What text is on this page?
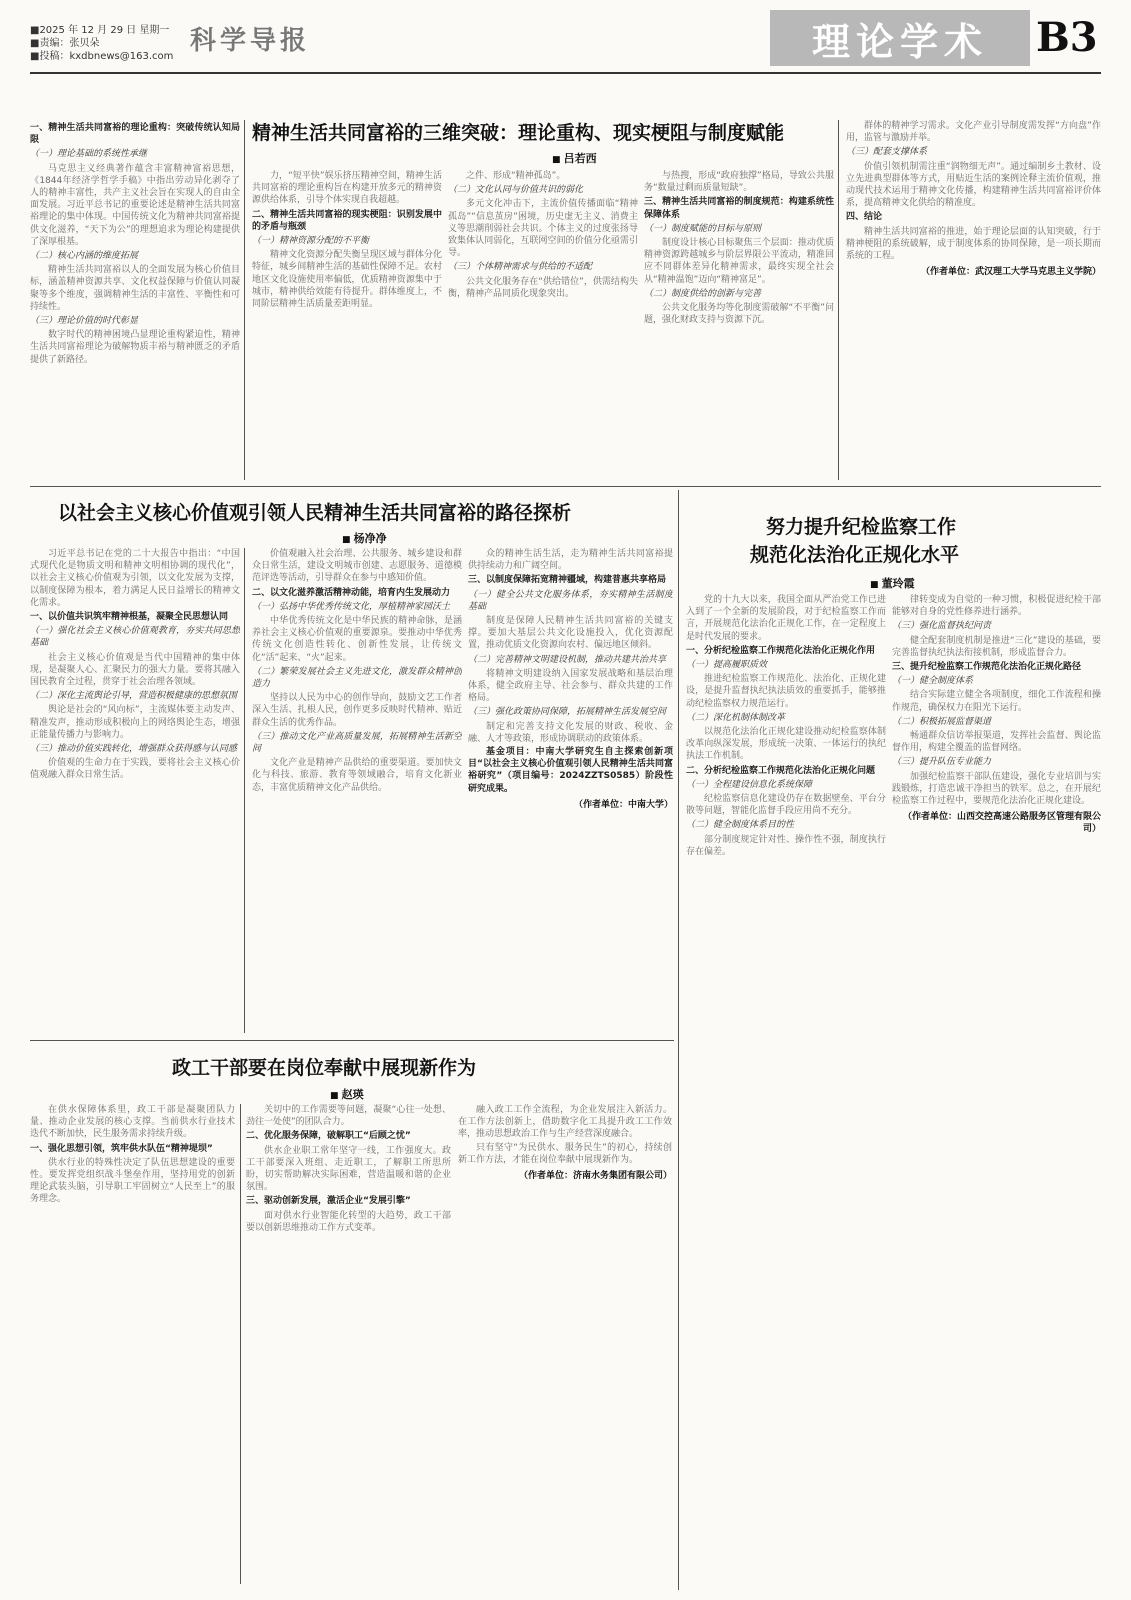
■2025 年 12 月 29 日 星期一
■责编：张贝朵
■投稿：kxdbnews@163.com
科学导报	理论学术 B3
精神生活共同富裕的三维突破：理论重构、现实梗阻与制度赋能
■ 吕若西
一、精神生活共同富裕的理论重构：突破传统认知局限
（一）理论基础的系统性承继

马克思主义经典著作蕴含丰富精神富裕思想，《1844年经济学哲学手稿》中指出劳动异化剥夺了人的精神丰富性，共产主义社会旨在实现人的自由全面发展。习近平总书记的重要论述是精神生活共同富裕理论的集中体现。中国传统文化为精神共同富裕提供文化滋养，“天下为公”的理想追求为理论构建提供了深厚根基。

（二）核心内涵的维度拓展

精神生活共同富裕以人的全面发展为核心价值目标，涵盖精神资源共享、文化权益保障与价值认同凝聚等多个维度，强调精神生活的丰富性、平衡性和可持续性。

（三）理论价值的时代彰显

数字时代的精神困境凸显理论重构紧迫性，精神生活共同富裕理论为破解物质丰裕与精神匮乏的矛盾提供了新路径。

力，“短平快”娱乐挤压精神空间，精神生活共同富裕的理论重构旨在构建开放多元的精神资源供给体系，引导个体实现自我超越。

二、精神生活共同富裕的现实梗阻：识别发展中的矛盾与瓶颈
（一）精神资源分配的不平衡

精神文化资源分配失衡呈现区域与群体分化特征，城乡间精神生活的基础性保障不足。农村地区文化设施使用率偏低，优质精神资源集中于城市，精神供给效能有待提升。群体维度上，不同阶层精神生活质量差距明显。

之件、形成“精神孤岛”。

（二）文化认同与价值共识的弱化

多元文化冲击下，主流价值传播面临“精神孤岛”“信息茧房”困境，历史虚无主义、消费主义等思潮削弱社会共识。个体主义的过度张扬导致集体认同弱化，互联网空间的价值分化亟需引导。

（三）个体精神需求与供给的不适配

公共文化服务存在“供给错位”，供需结构失衡，精神产品同质化现象突出。

与热搜，形成“政府独撑”格局，导致公共服务“数量过剩而质量短缺”。

三、精神生活共同富裕的制度规范：构建系统性保障体系
（一）制度赋能的目标与原则

制度设计核心目标聚焦三个层面：推动优质精神资源跨越城乡与阶层界限公平流动，精准回应不同群体差异化精神需求，最终实现全社会从“精神温饱”迈向“精神富足”。

（二）制度供给的创新与完善

公共文化服务均等化制度需破解“不平衡”问题，强化财政支持与资源下沉。

群体的精神学习需求。文化产业引导制度需发挥“方向盘”作用，监管与激励并举。

（三）配套支撑体系

价值引领机制需注重“润物细无声”。通过编制乡土教材、设立先进典型群体等方式，用贴近生活的案例诠释主流价值观，推动现代技术运用于精神文化传播，构建精神生活共同富裕评价体系，提高精神文化供给的精准度。

四、结论

精神生活共同富裕的推进，始于理论层面的认知突破，行于精神梗阻的系统破解，成于制度体系的协同保障，是一项长期而系统的工程。

（作者单位：武汉理工大学马克思主义学院）
以社会主义核心价值观引领人民精神生活共同富裕的路径探析
■ 杨净净

习近平总书记在党的二十大报告中指出：“中国式现代化是物质文明和精神文明相协调的现代化”，以社会主义核心价值观为引领，以文化发展为支撑，以制度保障为根本，着力满足人民日益增长的精神文化需求。

一、以价值共识筑牢精神根基，凝聚全民思想认同
（一）强化社会主义核心价值观教育，夯实共同思想基础

社会主义核心价值观是当代中国精神的集中体现，是凝聚人心、汇聚民力的强大力量。要将其融入国民教育全过程，贯穿于社会治理各领域。

（二）深化主流舆论引导，营造积极健康的思想氛围

舆论是社会的“风向标”，主流媒体要主动发声、精准发声，推动形成积极向上的网络舆论生态，增强正能量传播力与影响力。

（三）推动价值实践转化，增强群众获得感与认同感

价值观的生命力在于实践，要将社会主义核心价值观融入群众日常生活。

价值观融入社会治理、公共服务、城乡建设和群众日常生活，建设文明城市创建、志愿服务、道德模范评选等活动，引导群众在参与中感知价值。

二、以文化滋养激活精神动能，培育内生发展动力
（一）弘扬中华优秀传统文化，厚植精神家园沃土

中华优秀传统文化是中华民族的精神命脉，是涵养社会主义核心价值观的重要源泉。要推动中华优秀传统文化创造性转化、创新性发展，让传统文化“活”起来、“火”起来。

（二）繁荣发展社会主义先进文化，激发群众精神创造力

坚持以人民为中心的创作导向，鼓励文艺工作者深入生活、扎根人民，创作更多反映时代精神、贴近群众生活的优秀作品。

（三）推动文化产业高质量发展，拓展精神生活新空间

文化产业是精神产品供给的重要渠道。要加快文化与科技、旅游、教育等领域融合，培育文化新业态，丰富优质精神文化产品供给。

众的精神生活生活，走为精神生活共同富裕提供持续动力和广阔空间。

三、以制度保障拓宽精神疆域，构建普惠共享格局
（一）健全公共文化服务体系，夯实精神生活制度基础

制度是保障人民精神生活共同富裕的关键支撑。要加大基层公共文化设施投入，优化资源配置，推动优质文化资源向农村、偏远地区倾斜。

（二）完善精神文明建设机制，推动共建共治共享

将精神文明建设纳入国家发展战略和基层治理体系，健全政府主导、社会参与、群众共建的工作格局。

（三）强化政策协同保障，拓展精神生活发展空间

制定和完善支持文化发展的财政、税收、金融、人才等政策，形成协调联动的政策体系。

基金项目：中南大学研究生自主探索创新项目“以社会主义核心价值观引领人民精神生活共同富裕研究”（项目编号：2024ZZTS0585）阶段性研究成果。

（作者单位：中南大学）
努力提升纪检监察工作
规范化法治化正规化水平
■ 董玲霞

党的十九大以来，我国全面从严治党工作已进入到了一个全新的发展阶段，对于纪检监察工作而言，开展规范化法治化正规化工作，在一定程度上是时代发展的要求。

一、分析纪检监察工作规范化法治化正规化作用
（一）提高履职质效

推进纪检监察工作规范化、法治化、正规化建设，是提升监督执纪执法质效的重要抓手，能够推动纪检监察权力规范运行。

（二）深化机制体制改革

以规范化法治化正规化建设推动纪检监察体制改革向纵深发展，形成统一决策、一体运行的执纪执法工作机制。

二、分析纪检监察工作规范化法治化正规化问题
（一）全程建设信息化系统保障

纪检监察信息化建设仍存在数据壁垒、平台分散等问题，智能化监督手段应用尚不充分。

（二）健全制度体系目的性

部分制度规定针对性、操作性不强，制度执行存在偏差。

律转变成为自觉的一种习惯，积极促进纪检干部能够对自身的党性修养进行涵养。

（三）强化监督执纪问责

健全配套制度机制是推进“三化”建设的基础，要完善监督执纪执法衔接机制，形成监督合力。

三、提升纪检监察工作规范化法治化正规化路径
（一）健全制度体系

结合实际建立健全各项制度，细化工作流程和操作规范，确保权力在阳光下运行。

（二）积极拓展监督渠道

畅通群众信访举报渠道，发挥社会监督、舆论监督作用，构建全覆盖的监督网络。

（三）提升队伍专业能力

加强纪检监察干部队伍建设，强化专业培训与实践锻炼，打造忠诚干净担当的铁军。总之，在开展纪检监察工作过程中，要规范化法治化正规化建设。

（作者单位：山西交控高速公路服务区管理有限公司）
政工干部要在岗位奉献中展现新作为
■ 赵瑛

在供水保障体系里，政工干部是凝聚团队力量、推动企业发展的核心支撑。当前供水行业技术迭代不断加快，民生服务需求持续升级。

一、强化思想引领，筑牢供水队伍“精神堤坝”

供水行业的特殊性决定了队伍思想建设的重要性。要发挥党组织战斗堡垒作用，坚持用党的创新理论武装头脑，引导职工牢固树立“人民至上”的服务理念。

关切中的工作需要等问题，凝聚“心往一处想、劲往一处使”的团队合力。

二、优化服务保障，破解职工“后顾之忧”

供水企业职工常年坚守一线，工作强度大。政工干部要深入班组、走近职工，了解职工所思所盼，切实帮助解决实际困难，营造温暖和谐的企业氛围。

三、驱动创新发展，激活企业“发展引擎”

面对供水行业智能化转型的大趋势，政工干部要以创新思维推动工作方式变革。

融入政工工作全流程，为企业发展注入新活力。在工作方法创新上，借助数字化工具提升政工工作效率，推动思想政治工作与生产经营深度融合。

只有坚守“为民供水、服务民生”的初心，持续创新工作方法，才能在岗位奉献中展现新作为。

（作者单位：济南水务集团有限公司）
